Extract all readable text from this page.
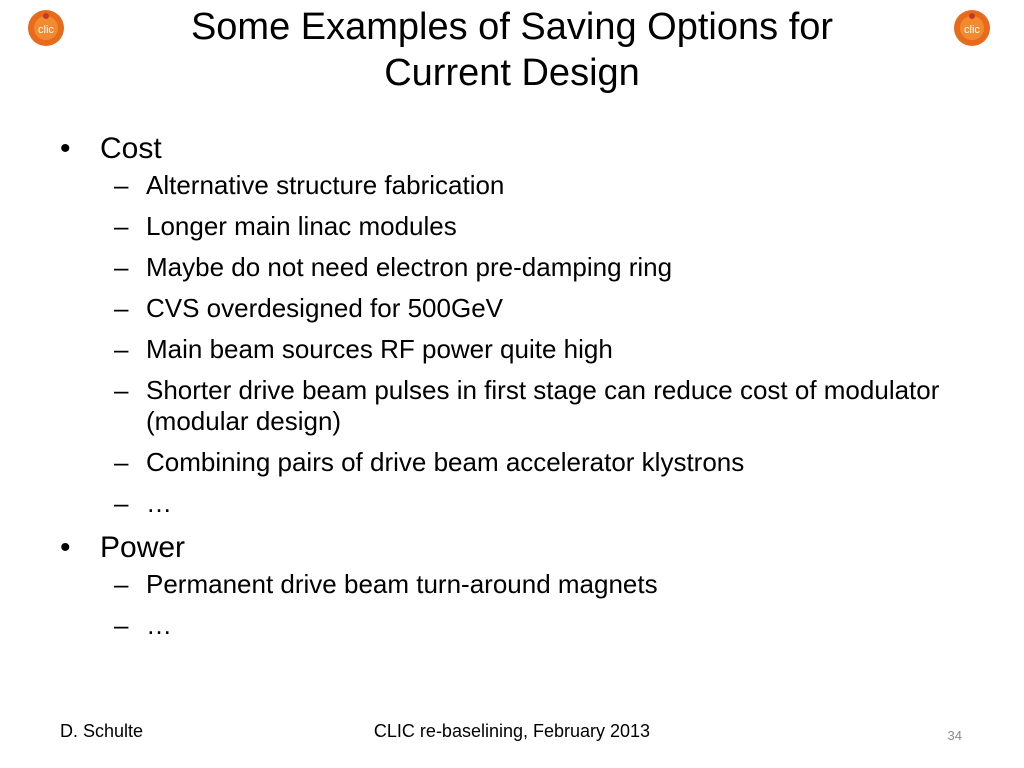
clic	clic
Some Examples of Saving Options for
Current Design

• Cost

– Alternative structure fabrication

– Longer main linac modules

– Maybe do not need electron pre-damping ring

– CVS overdesigned for 500GeV

– Main beam sources RF power quite high

– Shorter drive beam pulses in first stage can reduce cost of modulator (modular design)

– Combining pairs of drive beam accelerator klystrons

– …

• Power

– Permanent drive beam turn-around magnets

– …

CLIC re-baselining, February 2013
D. Schulte	34
